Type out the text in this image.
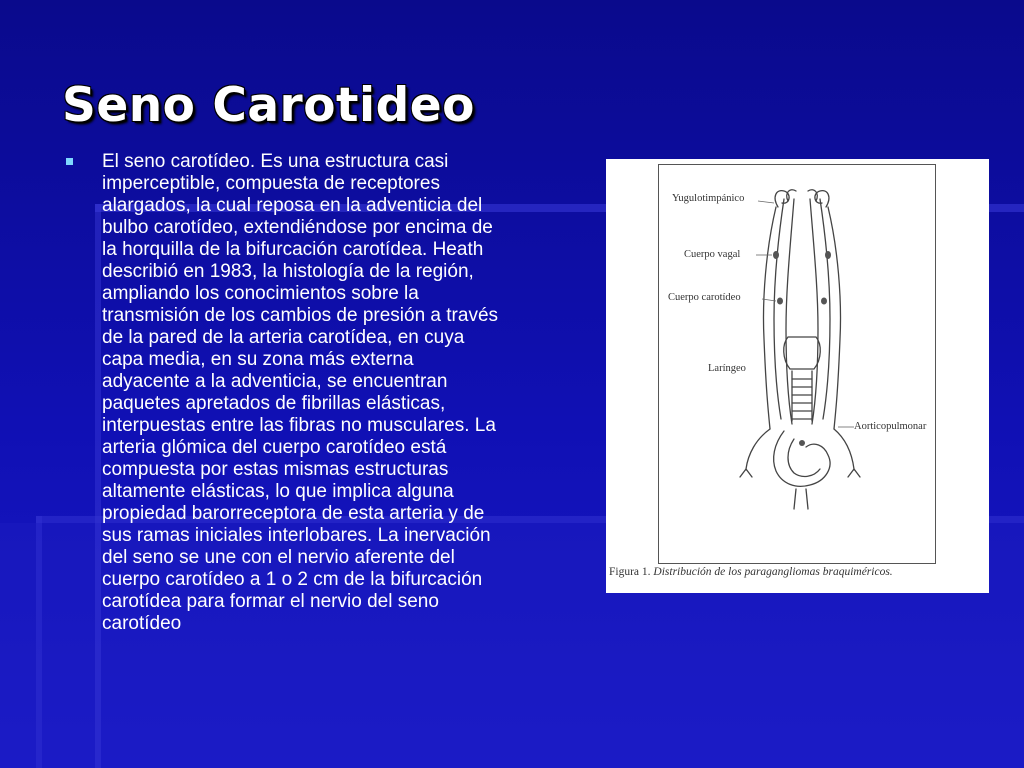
Seno Carotideo

El seno carotídeo. Es una estructura casi imperceptible, compuesta de receptores alargados, la cual reposa en la adventicia del bulbo carotídeo, extendiéndose por encima de la horquilla de la bifurcación carotídea. Heath describió en 1983, la histología de la región, ampliando los conocimientos sobre la transmisión de los cambios de presión a través de la pared de la arteria carotídea, en cuya capa media, en su zona más externa adyacente a la adventicia, se encuentran paquetes apretados de fibrillas elásticas, interpuestas entre las fibras no musculares. La arteria glómica del cuerpo carotídeo está compuesta por estas mismas estructuras altamente elásticas, lo que implica alguna propiedad barorreceptora de esta arteria y de sus ramas iniciales interlobares. La inervación del seno se une con el nervio aferente del cuerpo carotídeo a 1 o 2 cm de la bifurcación carotídea para formar el nervio del seno carotídeo

Yugulotimpánico
Cuerpo vagal
Cuerpo carotídeo
Laríngeo
Aorticopulmonar
Figura 1. Distribución de los paragangliomas braquiméricos.
